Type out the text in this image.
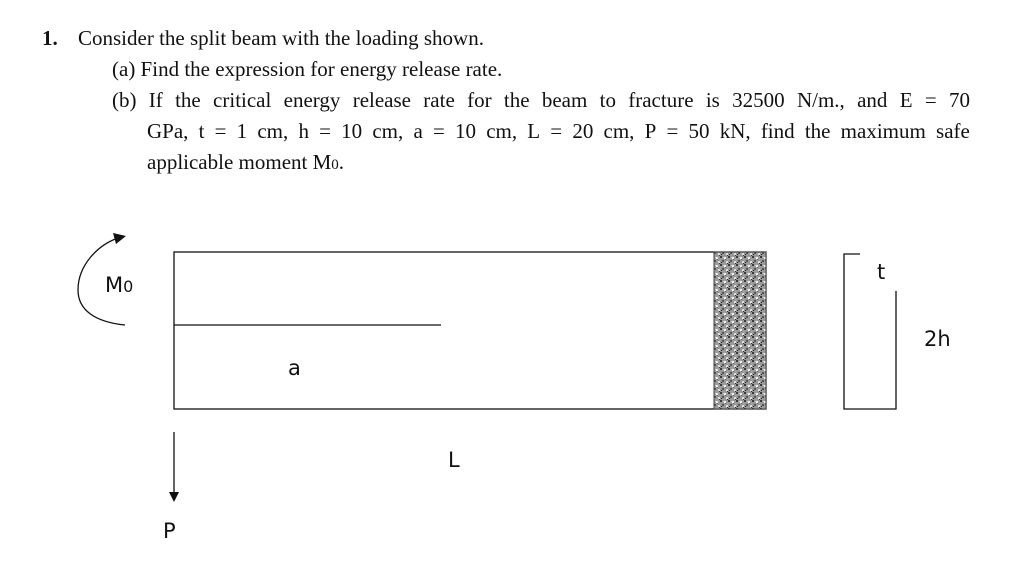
1. Consider the split beam with the loading shown.
(a) Find the expression for energy release rate.
(b) If the critical energy release rate for the beam to fracture is 32500 N/m., and E = 70
GPa, t = 1 cm, h = 10 cm, a = 10 cm, L = 20 cm, P = 50 kN, find the maximum safe
applicable moment M0.
M0
a
L
P
t
2h
